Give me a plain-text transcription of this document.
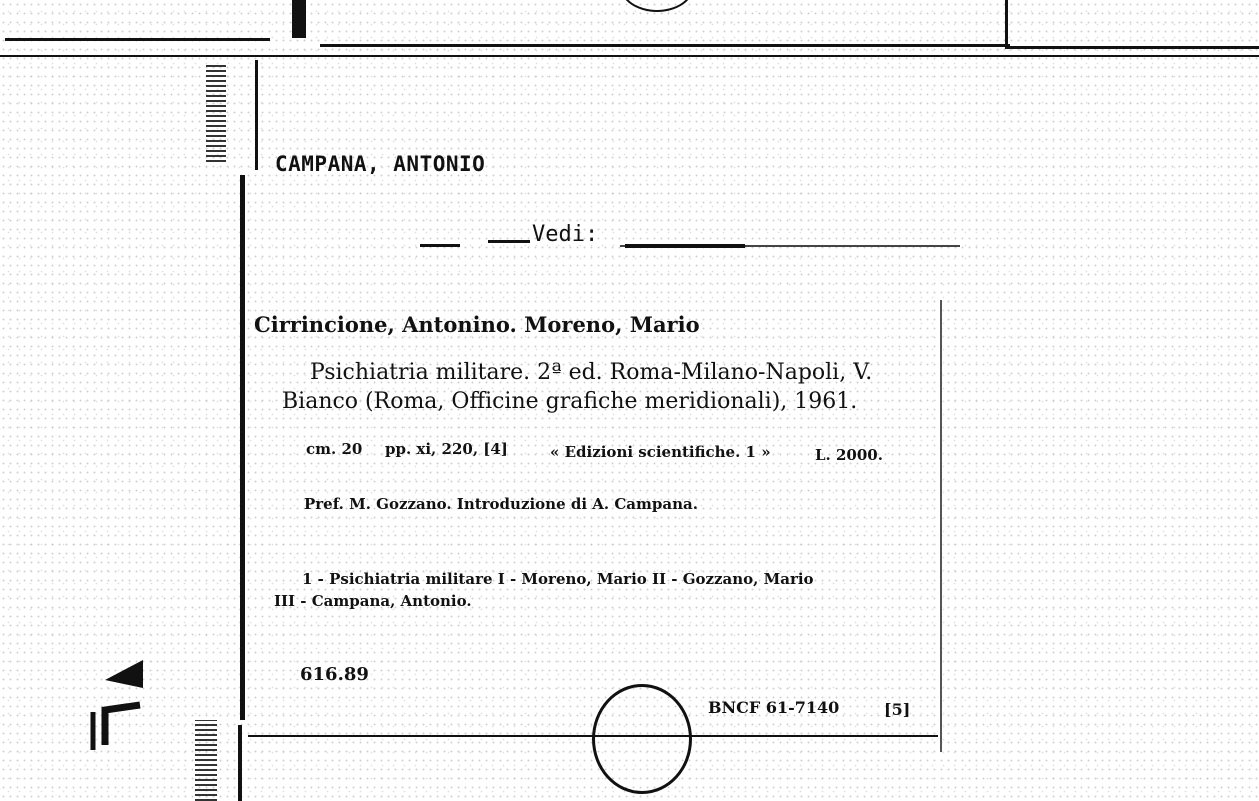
CAMPANA, ANTONIO
Vedi:
Cirrincione, Antonino. Moreno, Mario
Psichiatria militare. 2ª ed. Roma-Milano-Napoli, V.
Bianco (Roma, Officine grafiche meridionali), 1961.
cm. 20 pp. xi, 220, [4]	« Edizioni scientifiche. 1 »	L. 2000.
Pref. M. Gozzano. Introduzione di A. Campana.
1 - Psichiatria militare I - Moreno, Mario II - Gozzano, Mario
III - Campana, Antonio.
616.89
BNCF 61-7140	[5]
